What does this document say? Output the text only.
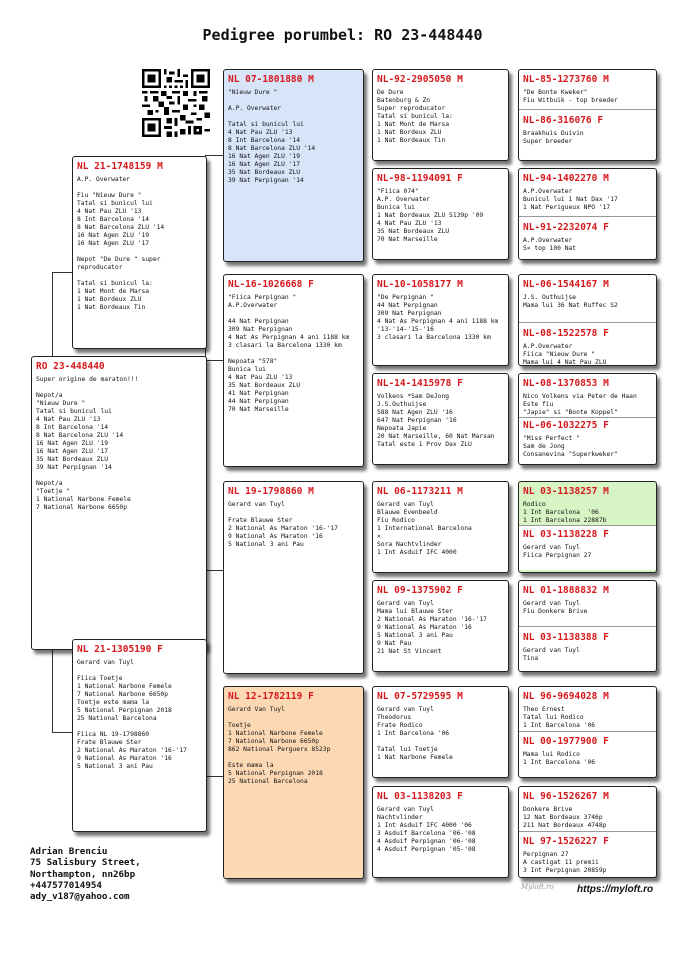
Pedigree porumbel: RO 23-448440
RO 23-448440
Super origine de maraton!!!

Nepot/a
"Nieuw Dure "
Tatal si bunicul lui
4 Nat Pau ZLU '13
8 Int Barcelona '14
8 Nat Barcelona ZLU '14
16 Nat Agen ZLU '19
16 Nat Agen ZLU '17
35 Nat Bordeaux ZLU
39 Nat Perpignan '14

Nepot/a
"Toetje "
1 National Narbone Femele
7 National Narbone 6650p
NL 21-1748159 M
A.P. Overwater

Fiu "Nieuw Dure "
Tatal si bunicul lui
4 Nat Pau ZLU '13
8 Int Barcelona '14
8 Nat Barcelona ZLU '14
16 Nat Agen ZLU '19
16 Nat Agen ZLU '17

Nepot "De Dure " super
reproducator

Tatal si bunicul la:
1 Nat Mont de Marsa
1 Nat Bordeux ZLU
1 Nat Bordeaux Tin
NL 21-1305190 F
Gerard van Tuyl

Fiica Toetje
1 National Narbone Femele
7 National Narbone 6650p
Toetje este mama la
5 National Perpignan 2018
25 National Barcelona

Fiica NL 19-1798860
Frate Blauwe Ster
2 National As Maraton '16-'17
9 National As Maraton '16
5 National 3 ani Pau
NL 07-1801880 M
"Nieuw Dure "

A.P. Overwater

Tatal si bunicul lui
4 Nat Pau ZLU '13
8 Int Barcelona '14
8 Nat Barcelona ZLU '14
16 Nat Agen ZLU '19
16 Nat Agen ZLU '17
35 Nat Bordeaux ZLU
39 Nat Perpignan '14
NL-16-1026668 F
"Fiica Perpignan "
A.P.Overwater

44 Nat Perpignan
309 Nat Perpignan
4 Nat As Perpignan 4 ani 1188 km
3 clasari la Barcelona 1330 km

Nepoata "578"
Bunica lui
4 Nat Pau ZLU '13
35 Nat Bordeaux ZLU
41 Nat Perpignan
44 Nat Perpignan
70 Nat Marseille
NL 19-1798860 M
Gerard van Tuyl

Frate Blauwe Ster
2 National As Maraton '16-'17
9 National As Maraton '16
5 National 3 ani Pau
NL 12-1782119 F
Gerard Van Tuyl

Toetje
1 National Narbone Femele
7 National Narbone 6650p
862 National Perguerx 8523p

Este mama la
5 National Perpignan 2018
25 National Barcelona
NL-92-2905050 M
De Dure
Batenburg & Zn
Super reproducator
Tatal si bunicul la:
1 Nat Mont de Marsa
1 Nat Bordeux ZLU
1 Nat Bordeaux Tin
NL-98-1194091 F
"Fiica 074"
A.P. Overwater
Bunica lui
1 Nat Bordeaux ZLU 5139p '09
4 Nat Pau ZLU '13
35 Nat Bordeaux ZLU
70 Nat Marseille
NL-10-1058177 M
"De Perpignan "
44 Nat Perpignan
309 Nat Perpignan
4 Nat As Perpignan 4 ani 1188 km
'13-'14-'15-'16
3 clasari la Barcelona 1330 km
NL-14-1415978 F
Volkens *Sam DeJong
J.S.Outhuijse
588 Nat Agen ZLU '16
647 Nat Perpignan '16
Nepoata Japie
20 Nat Marseille, 60 Nat Marsan
Tatal este 1 Prov Dax ZLU
NL 06-1173211 M
Gerard van Tuyl
Blauwe Evenbeeld
Fiu Rodico
1 International Barcelona
×
Sora Nachtvlinder
1 Int Asduif IFC 4000
NL 09-1375902 F
Gerard van Tuyl
Mama lui Blauwe Ster
2 National As Maraton '16-'17
9 National As Maraton '16
5 National 3 ani Pau
9 Nat Pau
21 Nat St Vincent
NL 07-5729595 M
Gerard van Tuyl
Theodorus
Frate Rodico
1 Int Barcelona '06

Tatal lui Toetje
1 Nat Narbone Femele
NL 03-1138203 F
Gerard van Tuyl
Nachtvlinder
1 Int Asduif IFC 4000 '06
3 Asduif Barcelona '06-'08
4 Asduif Perpignan '06-'08
4 Asduif Perpignan '05-'08
NL-85-1273760 M
"De Bonte Kweker"
Fiu Witbuik - top breeder
NL-86-316076 F
Braakhuis Duivin
Super breeder
NL-94-1402270 M
A.P.Overwater
Bunicul lui 1 Nat Dax '17
1 Nat Perigueux NPO '17
NL-91-2232074 F
A.P.Overwater
5× top 100 Nat
NL-06-1544167 M
J.S. Outhuijse
Mama lui 36 Nat Ruffec S2
NL-08-1522578 F
A.P.Overwater
Fiica "Nieuw Dure "
Mama lui 4 Nat Pau ZLU
NL-08-1370853 M
Nico Volkens via Peter de Haan
Este fiu
"Japie" si "Bonte Koppel"
NL-06-1032275 F
"Miss Perfect "
Sam de Jong
Consanevina "Superkweker"
NL 03-1138257 M
Rodico
1 Int Barcelona  '06
1 Int Barcelona 22887b
NL 03-1138228 F
Gerard van Tuyl
Fiica Perpignan 27
NL 01-1888832 M
Gerard van Tuyl
Fiu Donkere Brive
NL 03-1138388 F
Gerard van Tuyl
Tina
NL 96-9694028 M
Theo Ernest
Tatal lui Rodico
1 Int Barcelona '06
NL 00-1977900 F
Mama lui Rodico
1 Int Barcelona '06
NL 96-1526267 M
Donkere Brive
12 Nat Bordeaux 3746p
211 Nat Bordeaux 4748p
NL 97-1526227 F
Perpignan 27
A castigat 11 premii
3 Int Perpignan 20859p
Adrian Brenciu
75 Salisbury Street,
Northampton, nn26bp
+447577014954
ady_v187@yahoo.com
Myloft.ro https://myloft.ro
